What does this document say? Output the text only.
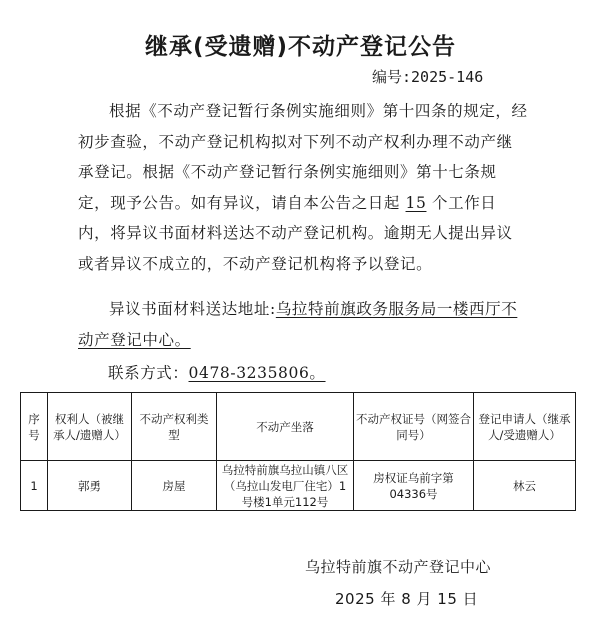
继承(受遗赠)不动产登记公告
编号:2025-146
根据《不动产登记暂行条例实施细则》第十四条的规定，经初步查验，不动产登记机构拟对下列不动产权利办理不动产继承登记。根据《不动产登记暂行条例实施细则》第十七条规定，现予公告。如有异议，请自本公告之日起 15 个工作日内，将异议书面材料送达不动产登记机构。逾期无人提出异议或者异议不成立的，不动产登记机构将予以登记。
异议书面材料送达地址:乌拉特前旗政务服务局一楼西厅不动产登记中心。
联系方式：0478-3235806。
序号	权利人（被继承人/遗赠人）	不动产权利类型	不动产坐落	不动产权证号（网签合同号）	登记申请人（继承人/受遗赠人）
1	郭勇	房屋	乌拉特前旗乌拉山镇八区（乌拉山发电厂住宅）1号楼1单元112号	房权证乌前字第04336号	林云
乌拉特前旗不动产登记中心
2025 年 8 月 15 日
